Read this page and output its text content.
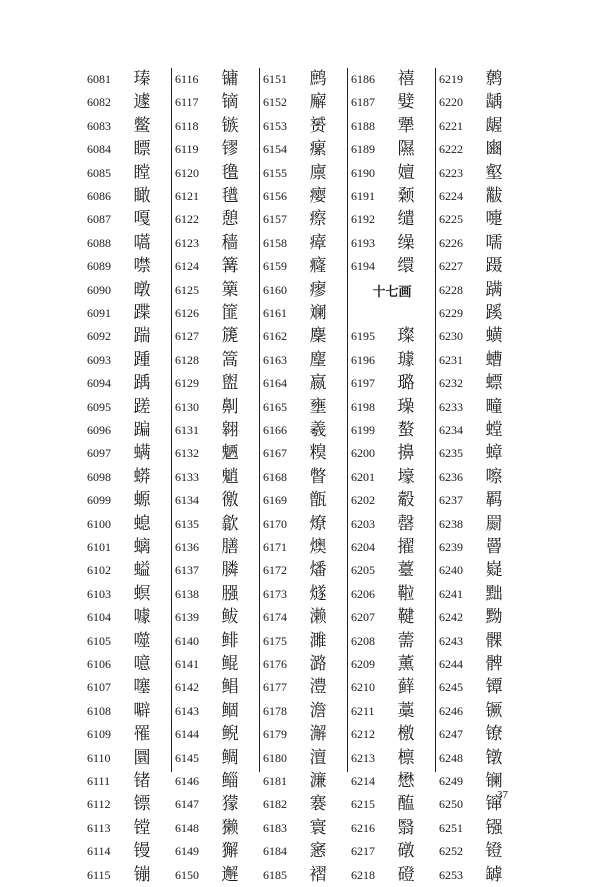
6081	瑧
6082	遽
6083	鳖
6084	瞟
6085	瞠
6086	瞰
6087	嘎
6088	嚆
6089	噤
6090	暾
6091	蹀
6092	踹
6093	踵
6094	踽
6095	蹉
6096	蹁
6097	螨
6098	蟒
6099	螈
6100	螅
6101	螭
6102	螠
6103	螟
6104	噱
6105	噬
6106	噫
6107	噻
6108	噼
6109	罹
6110	圜
6111	锗
6112	镖
6113	镗
6114	镘
6115	镚
6116	镛
6117	镝
6118	镞
6119	镠
6120	氇
6121	氆
6122	憩
6123	穑
6124	篝
6125	篥
6126	篚
6127	篪
6128	篙
6129	盥
6130	劓
6131	翱
6132	魉
6133	魈
6134	徼
6135	歙
6136	膳
6137	膦
6138	膙
6139	鲅
6140	鲱
6141	鲲
6142	鲳
6143	鲴
6144	鲵
6145	鲷
6146	鲻
6147	獴
6148	獭
6149	獬
6150	邂
6151	鹧
6152	廨
6153	赟
6154	瘰
6155	廪
6156	瘿
6157	瘵
6158	瘴
6159	癃
6160	瘳
6161	斓
6162	麇
6163	麈
6164	嬴
6165	壅
6166	羲
6167	糗
6168	瞥
6169	甑
6170	燎
6171	燠
6172	燔
6173	燧
6174	濑
6175	濉
6176	潞
6177	澧
6178	澹
6179	澥
6180	澶
6181	濂
6182	褰
6183	寰
6184	窸
6185	褶
6186	禧
6187	嬖
6188	犟
6189	隰
6190	嬗
6191	颡
6192	缱
6193	缲
6194	缳
十七画
6195	璨
6196	璩
6197	璐
6198	璪
6199	螯
6200	擤
6201	壕
6202	觳
6203	罄
6204	擢
6205	薹
6206	鞡
6207	鞬
6208	薷
6209	薰
6210	藓
6211	藁
6212	檄
6213	檩
6214	懋
6215	醢
6216	翳
6217	礅
6218	磴
6219	鹩
6220	龋
6221	龌
6222	豳
6223	壑
6224	黻
6225	嚏
6226	嚅
6227	蹑
6228	蹒
6229	蹊
6230	蟥
6231	螬
6232	螵
6233	疃
6234	螳
6235	蟑
6236	嚓
6237	羁
6238	罽
6239	罾
6240	嶷
6241	黜
6242	黝
6243	髁
6244	髀
6245	镡
6246	镢
6247	镣
6248	镦
6249	镧
6250	镩
6251	镪
6252	镫
6253	罅
37
